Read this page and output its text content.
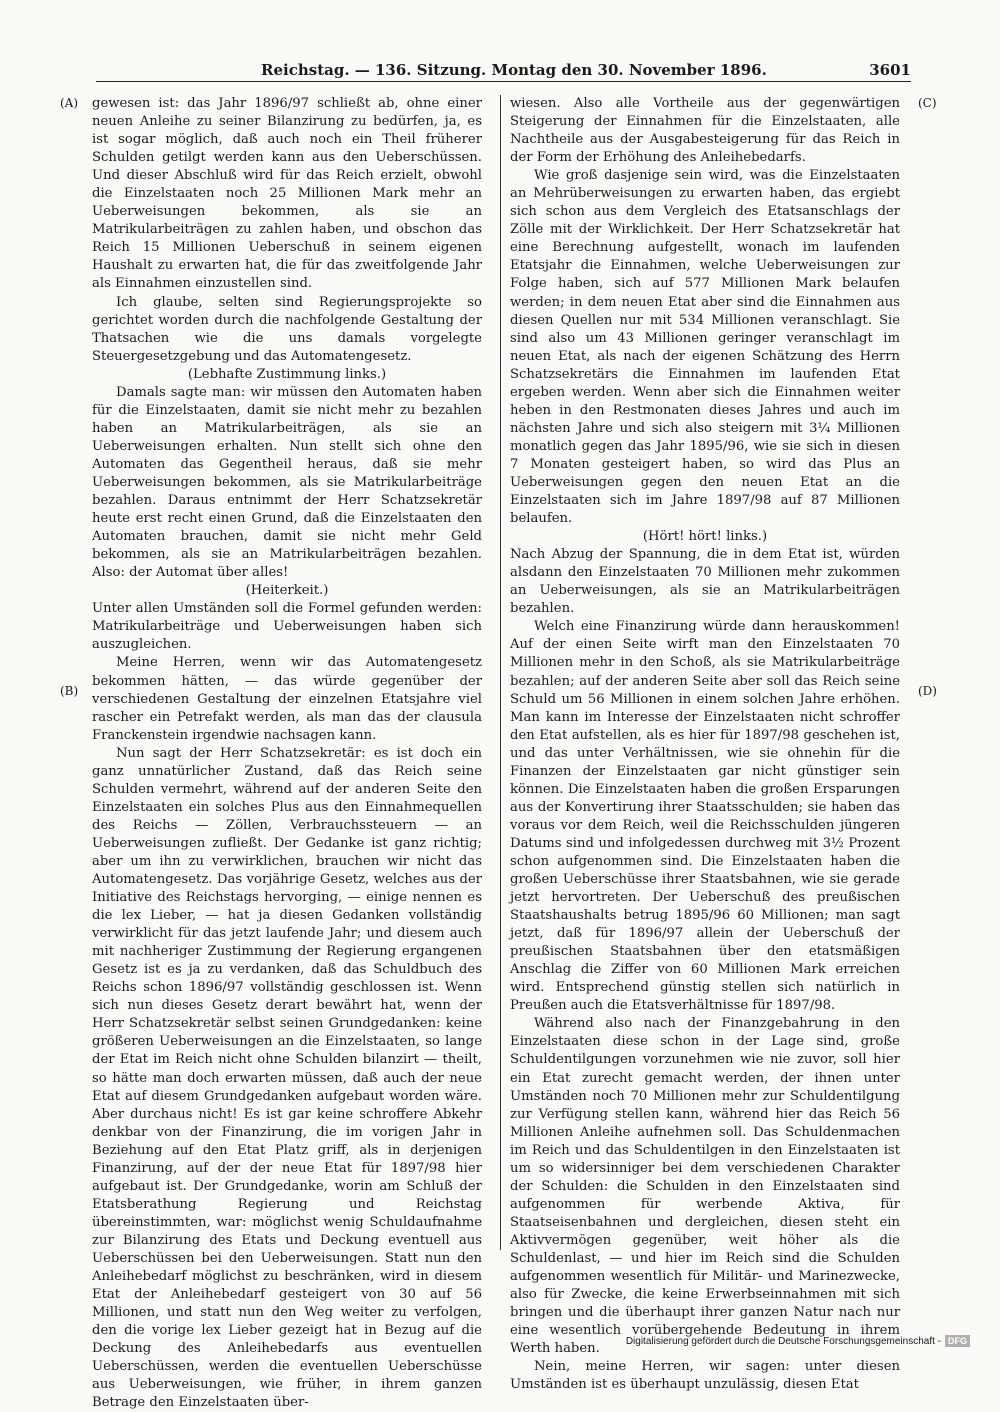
Reichstag. — 136. Sitzung. Montag den 30. November 1896.	3601
(A)
(B)
(C)
(D)

gewesen ist: das Jahr 1896/97 schließt ab, ohne einer neuen Anleihe zu seiner Bilanzirung zu bedürfen, ja, es ist sogar möglich, daß auch noch ein Theil früherer Schulden getilgt werden kann aus den Ueberschüssen. Und dieser Abschluß wird für das Reich erzielt, obwohl die Einzelstaaten noch 25 Millionen Mark mehr an Ueberweisungen bekommen, als sie an Matrikularbeiträgen zu zahlen haben, und obschon das Reich 15 Millionen Ueberschuß in seinem eigenen Haushalt zu erwarten hat, die für das zweitfolgende Jahr als Einnahmen einzustellen sind.

Ich glaube, selten sind Regierungsprojekte so gerichtet worden durch die nachfolgende Gestaltung der Thatsachen wie die uns damals vorgelegte Steuergesetzgebung und das Automatengesetz.

(Lebhafte Zustimmung links.)

Damals sagte man: wir müssen den Automaten haben für die Einzelstaaten, damit sie nicht mehr zu bezahlen haben an Matrikularbeiträgen, als sie an Ueberweisungen erhalten. Nun stellt sich ohne den Automaten das Gegentheil heraus, daß sie mehr Ueberweisungen bekommen, als sie Matrikularbeiträge bezahlen. Daraus entnimmt der Herr Schatzsekretär heute erst recht einen Grund, daß die Einzelstaaten den Automaten brauchen, damit sie nicht mehr Geld bekommen, als sie an Matrikularbeiträgen bezahlen. Also: der Automat über alles!

(Heiterkeit.)

Unter allen Umständen soll die Formel gefunden werden: Matrikularbeiträge und Ueberweisungen haben sich auszugleichen.

Meine Herren, wenn wir das Automatengesetz bekommen hätten, — das würde gegenüber der verschiedenen Gestaltung der einzelnen Etatsjahre viel rascher ein Petrefakt werden, als man das der clausula Franckenstein irgendwie nachsagen kann.

Nun sagt der Herr Schatzsekretär: es ist doch ein ganz unnatürlicher Zustand, daß das Reich seine Schulden vermehrt, während auf der anderen Seite den Einzelstaaten ein solches Plus aus den Einnahmequellen des Reichs — Zöllen, Verbrauchssteuern — an Ueberweisungen zufließt. Der Gedanke ist ganz richtig; aber um ihn zu verwirklichen, brauchen wir nicht das Automatengesetz. Das vorjährige Gesetz, welches aus der Initiative des Reichstags hervorging, — einige nennen es die lex Lieber, — hat ja diesen Gedanken vollständig verwirklicht für das jetzt laufende Jahr; und diesem auch mit nachheriger Zustimmung der Regierung ergangenen Gesetz ist es ja zu verdanken, daß das Schuldbuch des Reichs schon 1896/97 vollständig geschlossen ist. Wenn sich nun dieses Gesetz derart bewährt hat, wenn der Herr Schatzsekretär selbst seinen Grundgedanken: keine größeren Ueberweisungen an die Einzelstaaten, so lange der Etat im Reich nicht ohne Schulden bilanzirt — theilt, so hätte man doch erwarten müssen, daß auch der neue Etat auf diesem Grundgedanken aufgebaut worden wäre. Aber durchaus nicht! Es ist gar keine schroffere Abkehr denkbar von der Finanzirung, die im vorigen Jahr in Beziehung auf den Etat Platz griff, als in derjenigen Finanzirung, auf der der neue Etat für 1897/98 hier aufgebaut ist. Der Grundgedanke, worin am Schluß der Etatsberathung Regierung und Reichstag übereinstimmten, war: möglichst wenig Schuldaufnahme zur Bilanzirung des Etats und Deckung eventuell aus Ueberschüssen bei den Ueberweisungen. Statt nun den Anleihebedarf möglichst zu beschränken, wird in diesem Etat der Anleihebedarf gesteigert von 30 auf 56 Millionen, und statt nun den Weg weiter zu verfolgen, den die vorige lex Lieber gezeigt hat in Bezug auf die Deckung des Anleihebedarfs aus eventuellen Ueberschüssen, werden die eventuellen Ueberschüsse aus Ueberweisungen, wie früher, in ihrem ganzen Betrage den Einzelstaaten über-

wiesen. Also alle Vortheile aus der gegenwärtigen Steigerung der Einnahmen für die Einzelstaaten, alle Nachtheile aus der Ausgabesteigerung für das Reich in der Form der Erhöhung des Anleihebedarfs.

Wie groß dasjenige sein wird, was die Einzelstaaten an Mehrüberweisungen zu erwarten haben, das ergiebt sich schon aus dem Vergleich des Etatsanschlags der Zölle mit der Wirklichkeit. Der Herr Schatzsekretär hat eine Berechnung aufgestellt, wonach im laufenden Etatsjahr die Einnahmen, welche Ueberweisungen zur Folge haben, sich auf 577 Millionen Mark belaufen werden; in dem neuen Etat aber sind die Einnahmen aus diesen Quellen nur mit 534 Millionen veranschlagt. Sie sind also um 43 Millionen geringer veranschlagt im neuen Etat, als nach der eigenen Schätzung des Herrn Schatzsekretärs die Einnahmen im laufenden Etat ergeben werden. Wenn aber sich die Einnahmen weiter heben in den Restmonaten dieses Jahres und auch im nächsten Jahre und sich also steigern mit 3¼ Millionen monatlich gegen das Jahr 1895/96, wie sie sich in diesen 7 Monaten gesteigert haben, so wird das Plus an Ueberweisungen gegen den neuen Etat an die Einzelstaaten sich im Jahre 1897/98 auf 87 Millionen belaufen.

(Hört! hört! links.)

Nach Abzug der Spannung, die in dem Etat ist, würden alsdann den Einzelstaaten 70 Millionen mehr zukommen an Ueberweisungen, als sie an Matrikularbeiträgen bezahlen.

Welch eine Finanzirung würde dann herauskommen! Auf der einen Seite wirft man den Einzelstaaten 70 Millionen mehr in den Schoß, als sie Matrikularbeiträge bezahlen; auf der anderen Seite aber soll das Reich seine Schuld um 56 Millionen in einem solchen Jahre erhöhen. Man kann im Interesse der Einzelstaaten nicht schroffer den Etat aufstellen, als es hier für 1897/98 geschehen ist, und das unter Verhältnissen, wie sie ohnehin für die Finanzen der Einzelstaaten gar nicht günstiger sein können. Die Einzelstaaten haben die großen Ersparungen aus der Konvertirung ihrer Staatsschulden; sie haben das voraus vor dem Reich, weil die Reichsschulden jüngeren Datums sind und infolgedessen durchweg mit 3½ Prozent schon aufgenommen sind. Die Einzelstaaten haben die großen Ueberschüsse ihrer Staatsbahnen, wie sie gerade jetzt hervortreten. Der Ueberschuß des preußischen Staatshaushalts betrug 1895/96 60 Millionen; man sagt jetzt, daß für 1896/97 allein der Ueberschuß der preußischen Staatsbahnen über den etatsmäßigen Anschlag die Ziffer von 60 Millionen Mark erreichen wird. Entsprechend günstig stellen sich natürlich in Preußen auch die Etatsverhältnisse für 1897/98.

Während also nach der Finanzgebahrung in den Einzelstaaten diese schon in der Lage sind, große Schuldentilgungen vorzunehmen wie nie zuvor, soll hier ein Etat zurecht gemacht werden, der ihnen unter Umständen noch 70 Millionen mehr zur Schuldentilgung zur Verfügung stellen kann, während hier das Reich 56 Millionen Anleihe aufnehmen soll. Das Schuldenmachen im Reich und das Schuldentilgen in den Einzelstaaten ist um so widersinniger bei dem verschiedenen Charakter der Schulden: die Schulden in den Einzelstaaten sind aufgenommen für werbende Aktiva, für Staatseisenbahnen und dergleichen, diesen steht ein Aktivvermögen gegenüber, weit höher als die Schuldenlast, — und hier im Reich sind die Schulden aufgenommen wesentlich für Militär- und Marinezwecke, also für Zwecke, die keine Erwerbseinnahmen mit sich bringen und die überhaupt ihrer ganzen Natur nach nur eine wesentlich vorübergehende Bedeutung in ihrem Werth haben.

Nein, meine Herren, wir sagen: unter diesen Umständen ist es überhaupt unzulässig, diesen Etat

Digitalisierung gefördert durch die Deutsche Forschungsgemeinschaft - DFG
